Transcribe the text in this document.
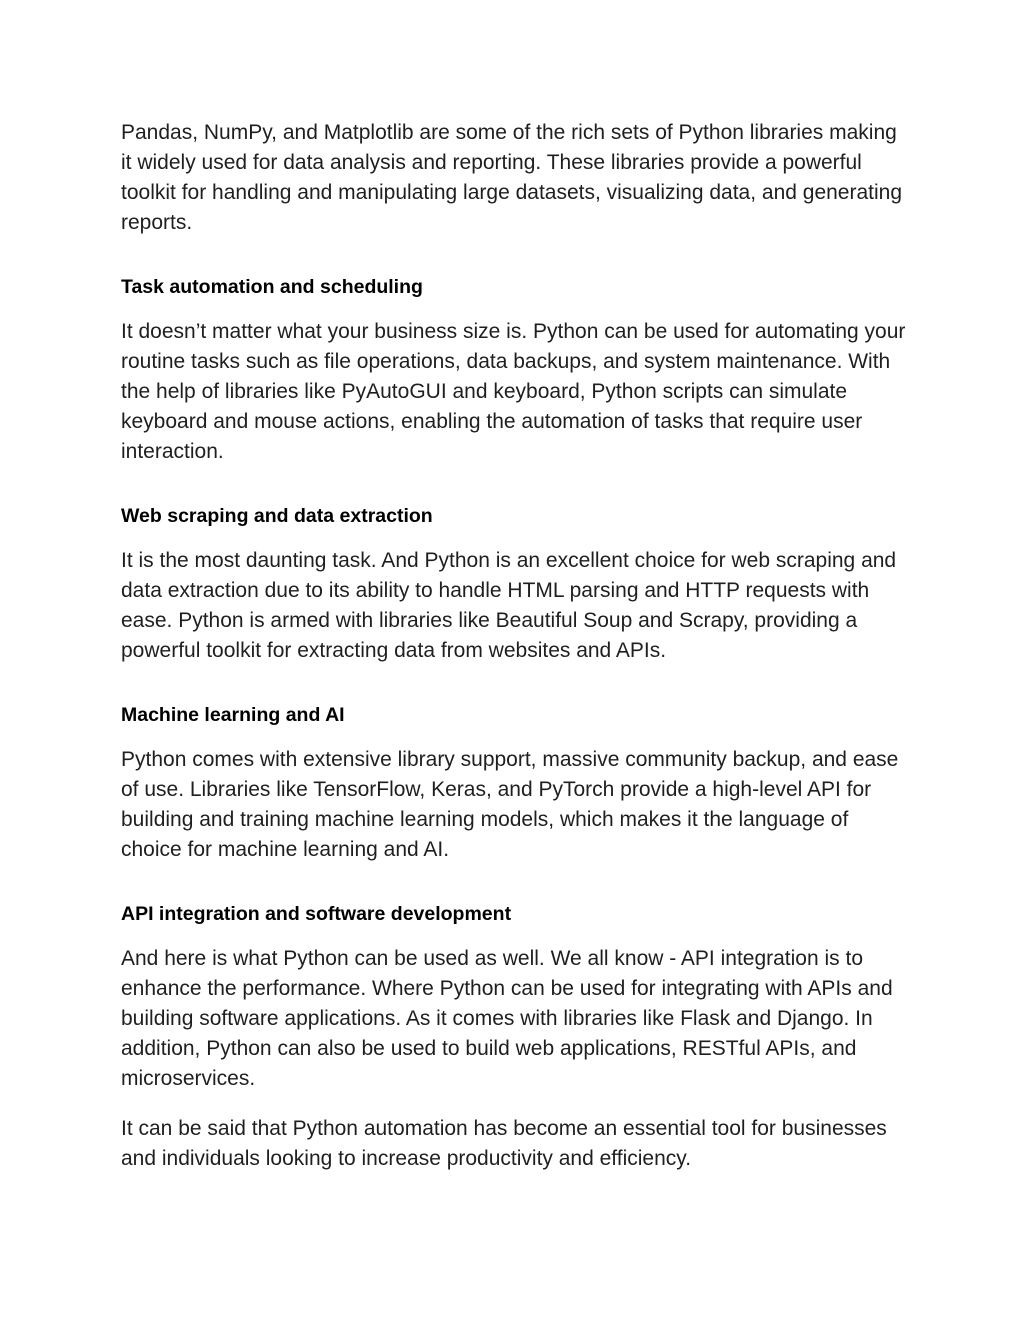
Pandas, NumPy, and Matplotlib are some of the rich sets of Python libraries making it widely used for data analysis and reporting. These libraries provide a powerful toolkit for handling and manipulating large datasets, visualizing data, and generating reports.

Task automation and scheduling

It doesn’t matter what your business size is. Python can be used for automating your routine tasks such as file operations, data backups, and system maintenance. With the help of libraries like PyAutoGUI and keyboard, Python scripts can simulate keyboard and mouse actions, enabling the automation of tasks that require user interaction.

Web scraping and data extraction

It is the most daunting task. And Python is an excellent choice for web scraping and data extraction due to its ability to handle HTML parsing and HTTP requests with ease. Python is armed with libraries like Beautiful Soup and Scrapy, providing a powerful toolkit for extracting data from websites and APIs.

Machine learning and AI

Python comes with extensive library support, massive community backup, and ease of use. Libraries like TensorFlow, Keras, and PyTorch provide a high-level API for building and training machine learning models, which makes it the language of choice for machine learning and AI.

API integration and software development

And here is what Python can be used as well. We all know - API integration is to enhance the performance. Where Python can be used for integrating with APIs and building software applications. As it comes with libraries like Flask and Django. In addition, Python can also be used to build web applications, RESTful APIs, and microservices.

It can be said that Python automation has become an essential tool for businesses and individuals looking to increase productivity and efficiency.
